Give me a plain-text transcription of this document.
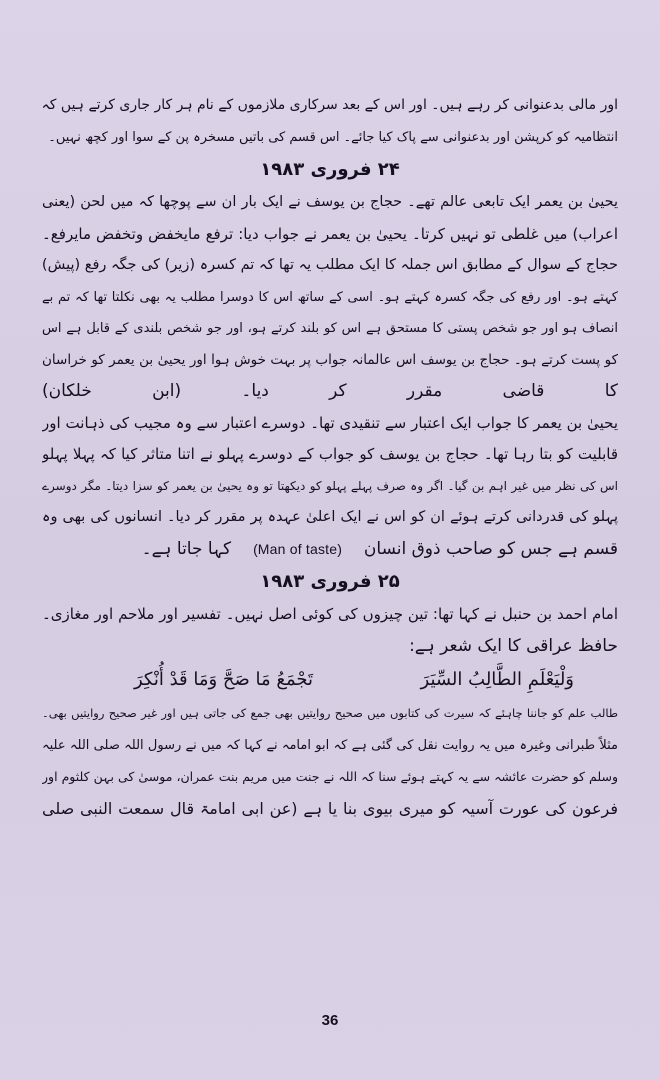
اور مالی بدعنوانی کر رہے ہیں۔ اور اس کے بعد سرکاری ملازموں کے نام ہر کار جاری کرتے ہیں کہ
انتظامیہ کو کرپشن اور بدعنوانی سے پاک کیا جائے۔ اس قسم کی باتیں مسخرہ پن کے سوا اور کچھ نہیں۔
۲۴ فروری ۱۹۸۳
یحییٰ بن یعمر ایک تابعی عالم تھے۔ حجاج بن یوسف نے ایک بار ان سے پوچھا کہ میں لحن (یعنی
اعراب) میں غلطی تو نہیں کرتا۔ یحییٰ بن یعمر نے جواب دیا: ترفع مایخفض وتخفض مایرفع۔
حجاج کے سوال کے مطابق اس جملہ کا ایک مطلب یہ تھا کہ تم کسرہ (زیر) کی جگہ رفع (پیش)
کہتے ہو۔ اور رفع کی جگہ کسرہ کہتے ہو۔ اسی کے ساتھ اس کا دوسرا مطلب یہ بھی نکلتا تھا کہ تم بے
انصاف ہو اور جو شخص پستی کا مستحق ہے اس کو بلند کرتے ہو، اور جو شخص بلندی کے قابل ہے اس
کو پست کرتے ہو۔ حجاج بن یوسف اس عالمانہ جواب پر بہت خوش ہوا اور یحییٰ بن یعمر کو خراسان
کا قاضی مقرر کر دیا۔ (ابن خلکان)
یحییٰ بن یعمر کا جواب ایک اعتبار سے تنقیدی تھا۔ دوسرے اعتبار سے وہ مجیب کی ذہانت اور
قابلیت کو بتا رہا تھا۔ حجاج بن یوسف کو جواب کے دوسرے پہلو نے اتنا متاثر کیا کہ پہلا پہلو
اس کی نظر میں غیر اہم بن گیا۔ اگر وہ صرف پہلے پہلو کو دیکھتا تو وہ یحییٰ بن یعمر کو سزا دیتا۔ مگر دوسرے
پہلو کی قدردانی کرتے ہوئے ان کو اس نے ایک اعلیٰ عہدہ پر مقرر کر دیا۔ انسانوں کی بھی وہ
قسم ہے جس کو صاحب ذوق انسان(Man of taste)کہا جاتا ہے۔
۲۵ فروری ۱۹۸۳
امام احمد بن حنبل نے کہا تھا: تین چیزوں کی کوئی اصل نہیں۔ تفسیر اور ملاحم اور مغازی۔
حافظ عراقی کا ایک شعر ہے:
وَلْيَعْلَمِ الطَّالِبُ السِّيَرَ
تَجْمَعُ مَا صَحَّ وَمَا قَدْ أُنْكِرَ
طالب علم کو جاننا چاہئے کہ سیرت کی کتابوں میں صحیح روایتیں بھی جمع کی جاتی ہیں اور غیر صحیح روایتیں بھی۔
مثلاً طبرانی وغیرہ میں یہ روایت نقل کی گئی ہے کہ ابو امامہ نے کہا کہ میں نے رسول اللہ صلی اللہ علیہ
وسلم کو حضرت عائشہ سے یہ کہتے ہوئے سنا کہ اللہ نے جنت میں مریم بنت عمران، موسیٰ کی بہن کلثوم اور
فرعون کی عورت آسیہ کو میری بیوی بنا یا ہے (عن ابی امامۃ قال سمعت النبی صلی
36
